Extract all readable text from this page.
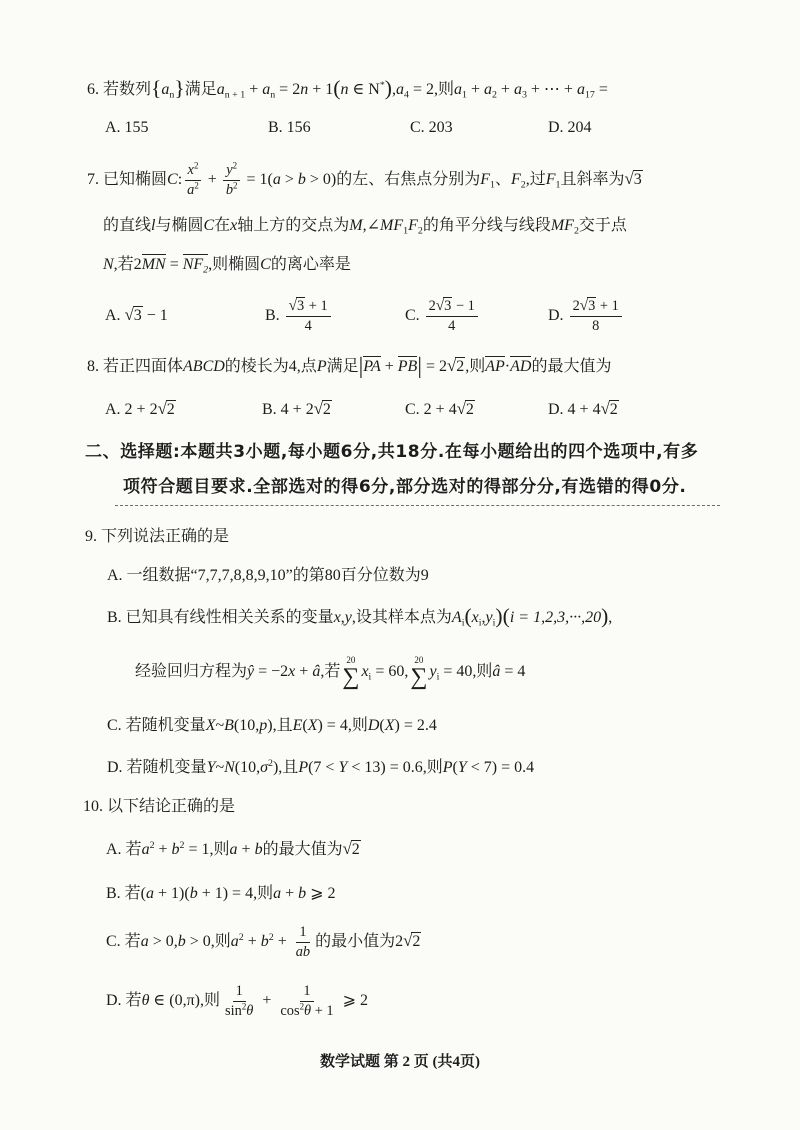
6. 若数列$\{a_n\}$满足$a_{n + 1} + a_n = 2n + 1(n$ ∈ $N^*),a_4 = 2$,则$a_1 + a_2 + a_3$ + ⋯ + $a_{17}$ =
A. 155	B. 156	C. 203	D. 204
7. 已知椭圆C: $\frac{x^2}{a^2} + \frac{y^2}{b^2} = 1(a > b > 0)$的左、右焦点分别为$F_1$、$F_2$,过$F_1$且斜率为√3
的直线l与椭圆C在x轴上方的交点为$M,\angle MF_1F_2$的角平分线与线段$MF_2$交于点
N,若$2MN = NF_2$,则椭圆C的离心率是
A. √3 − 1	B. $\frac{√3 + 1}{4}$	C. $\frac{2√3 - 1}{4}$	D. $\frac{2√3 + 1}{8}$
8. 若正四面体ABCD的棱长为4,点P满足|PA + PB| = 2√2,则AP·AD的最大值为
A. 2 + 2√2	B. 4 + 2√2	C. 2 + 4√2	D. 4 + 4√2
二、选择题:本题共3小题,每小题6分,共18分.在每小题给出的四个选项中,有多
项符合题目要求.全部选对的得6分,部分选对的得部分分,有选错的得0分.
9. 下列说法正确的是
A. 一组数据“7,7,7,8,8,9,10”的第80百分位数为9
B. 已知具有线性相关关系的变量x,y,设其样本点为$A_i(x_i,y_i)(i = 1,2,3,\cdot\cdot\cdot,20)$,
经验回归方程为ŷ = −2x + â,若
20
∑ $x_i = 60$,
20
∑ $y_i = 40$,则â = 4
C. 若随机变量X~B(10,p),且E(X) = 4,则D(X) = 2.4
D. 若随机变量$Y\sim N(10,\sigma^2)$,且P(7 < Y < 13) = 0.6,则P(Y < 7) = 0.4
10. 以下结论正确的是
A. 若$a^2 + b^2 = 1$,则a + b的最大值为√2
B. 若(a + 1)(b + 1) = 4,则a + b ⩾ 2
C. 若a > 0,b > 0,则$a^2 + b^2 + \frac{1}{ab}$ 的最小值为2√2
D. 若θ ∈ (0,π),则 $\frac{1}{\sin^2\theta} + \frac{1}{\cos^2\theta + 1}$ ⩾ 2
数学试题 第 2 页 (共4页)
